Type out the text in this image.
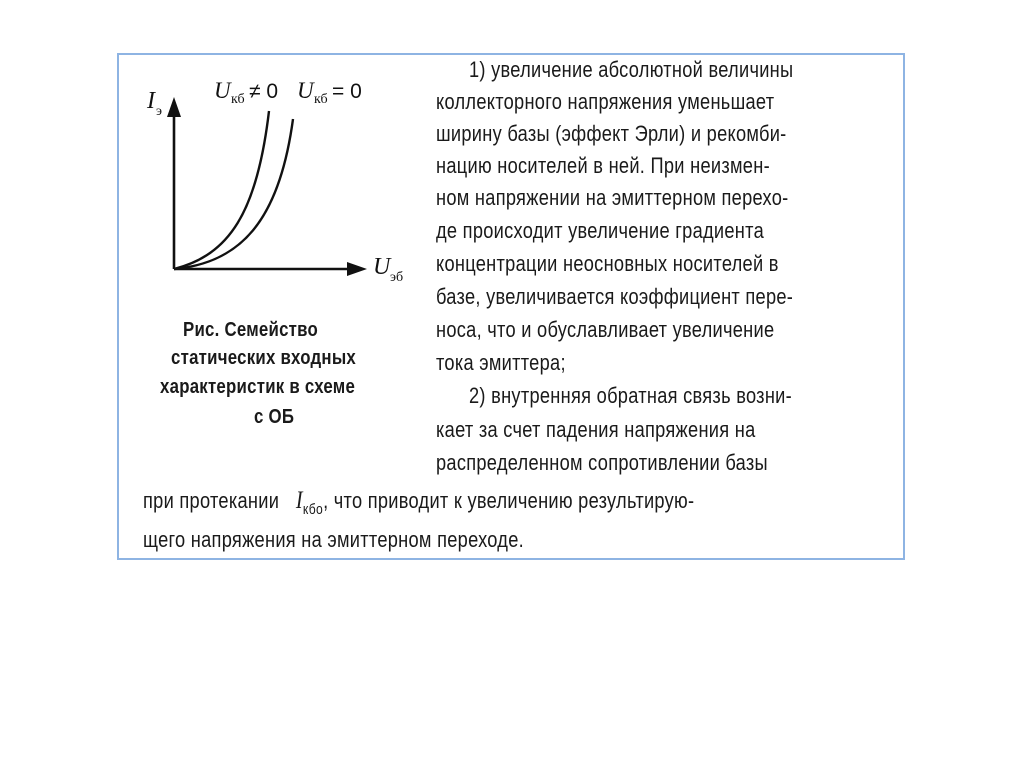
I э
U эб
U кб ≠ 0 U кб = 0
Рис. Семейство
статических входных
характеристик в схеме
с ОБ
1) увеличение абсолютной величины
коллекторного напряжения уменьшает
ширину базы (эффект Эрли) и рекомби-
нацию носителей в ней. При неизмен-
ном напряжении на эмиттерном перехо-
де происходит увеличение градиента
концентрации неосновных носителей в
базе, увеличивается коэффициент пере-
носа, что и обуславливает увеличение
тока эмиттера;
2) внутренняя обратная связь возни-
кает за счет падения напряжения на
распределенном сопротивлении базы
при протекании $I_{кбо}$, что приводит к увеличению результирую-
щего напряжения на эмиттерном переходе.
